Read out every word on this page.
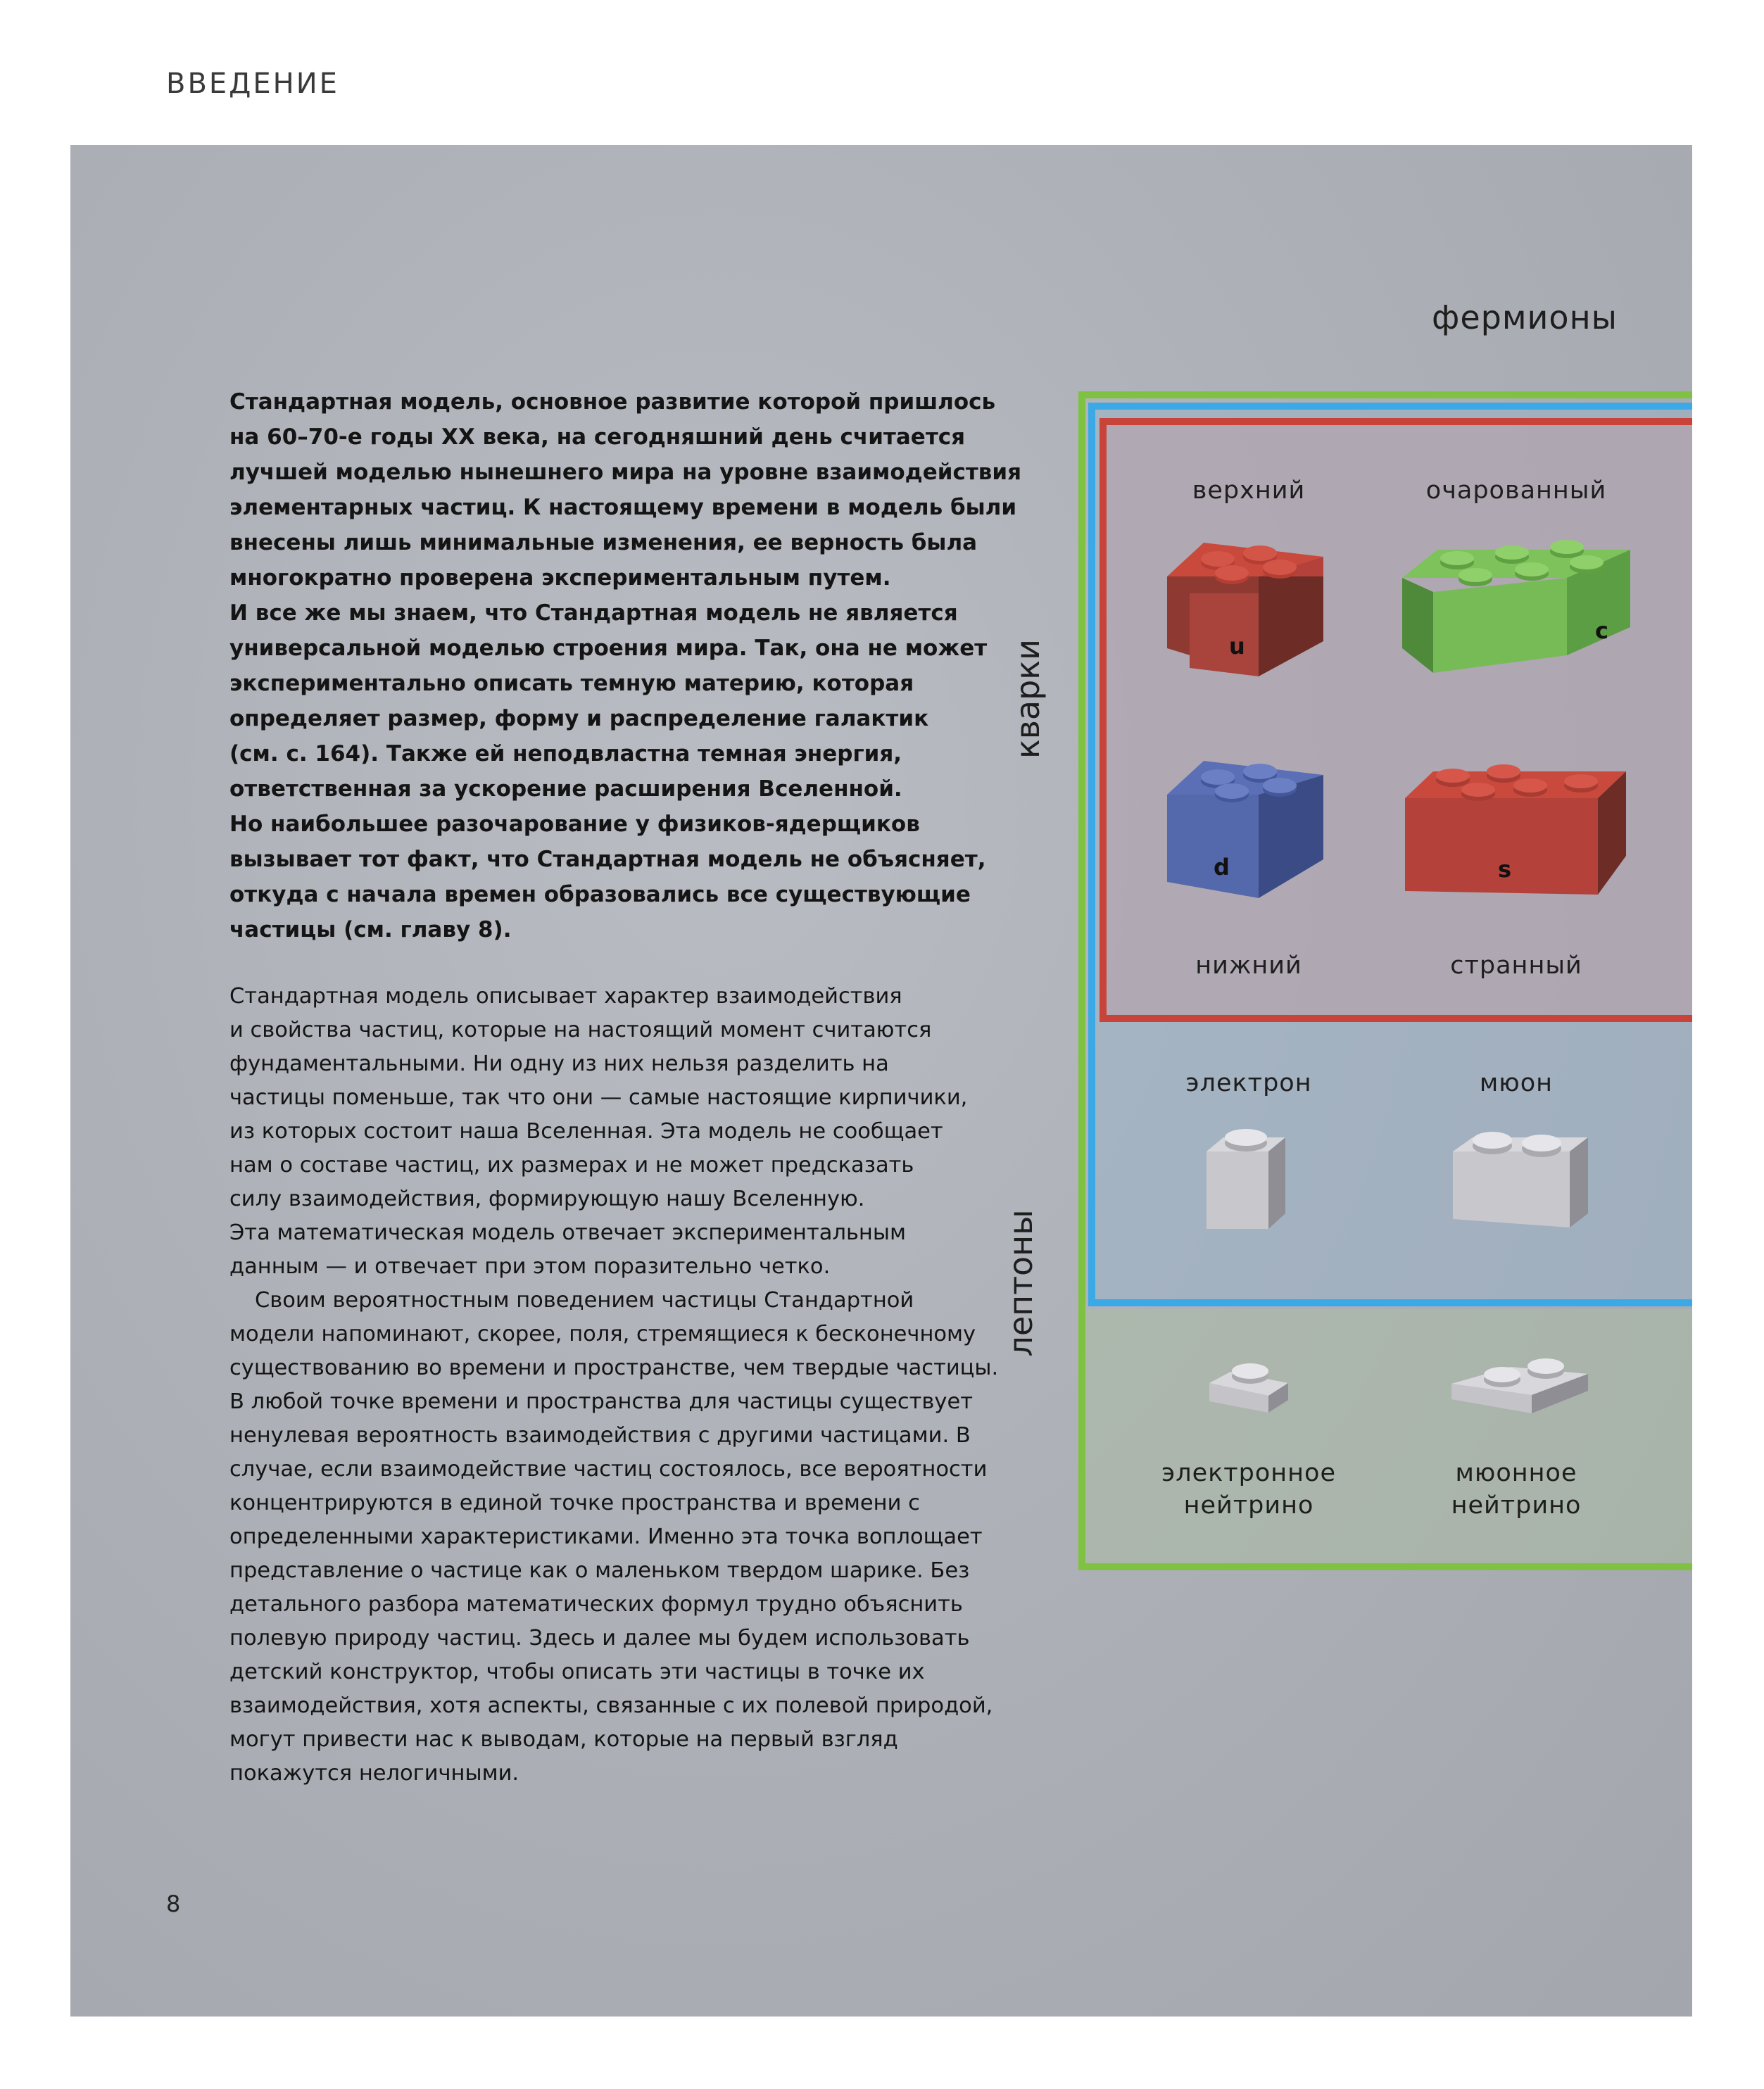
ВВЕДЕНИЕ
Стандартная модель, основное развитие которой пришлось
на 60–70-е годы XX века, на сегодняшний день считается
лучшей моделью нынешнего мира на уровне взаимодействия
элементарных частиц. К настоящему времени в модель были
внесены лишь минимальные изменения, ее верность была
многократно проверена экспериментальным путем.
И все же мы знаем, что Стандартная модель не является
универсальной моделью строения мира. Так, она не может
экспериментально описать темную материю, которая
определяет размер, форму и распределение галактик
(см. с. 164). Также ей неподвластна темная энергия,
ответственная за ускорение расширения Вселенной.
Но наибольшее разочарование у физиков-ядерщиков
вызывает тот факт, что Стандартная модель не объясняет,
откуда с начала времен образовались все существующие
частицы (см. главу 8).
Стандартная модель описывает характер взаимодействия
и свойства частиц, которые на настоящий момент считаются
фундаментальными. Ни одну из них нельзя разделить на
частицы поменьше, так что они — самые настоящие кирпичики,
из которых состоит наша Вселенная. Эта модель не сообщает
нам о составе частиц, их размерах и не может предсказать
силу взаимодействия, формирующую нашу Вселенную.
Эта математическая модель отвечает экспериментальным
данным — и отвечает при этом поразительно четко.
Своим вероятностным поведением частицы Стандартной
модели напоминают, скорее, поля, стремящиеся к бесконечному
существованию во времени и пространстве, чем твердые частицы.
В любой точке времени и пространства для частицы существует
ненулевая вероятность взаимодействия с другими частицами. В
случае, если взаимодействие частиц состоялось, все вероятности
концентрируются в единой точке пространства и времени с
определенными характеристиками. Именно эта точка воплощает
представление о частице как о маленьком твердом шарике. Без
детального разбора математических формул трудно объяснить
полевую природу частиц. Здесь и далее мы будем использовать
детский конструктор, чтобы описать эти частицы в точке их
взаимодействия, хотя аспекты, связанные с их полевой природой,
могут привести нас к выводам, которые на первый взгляд
покажутся нелогичными.
8
фермионы
кварки
лептоны
верхний	очарованный
нижний	странный
u
c
d	s
электрон	мюон
электронное
нейтрино
мюонное
нейтрино
